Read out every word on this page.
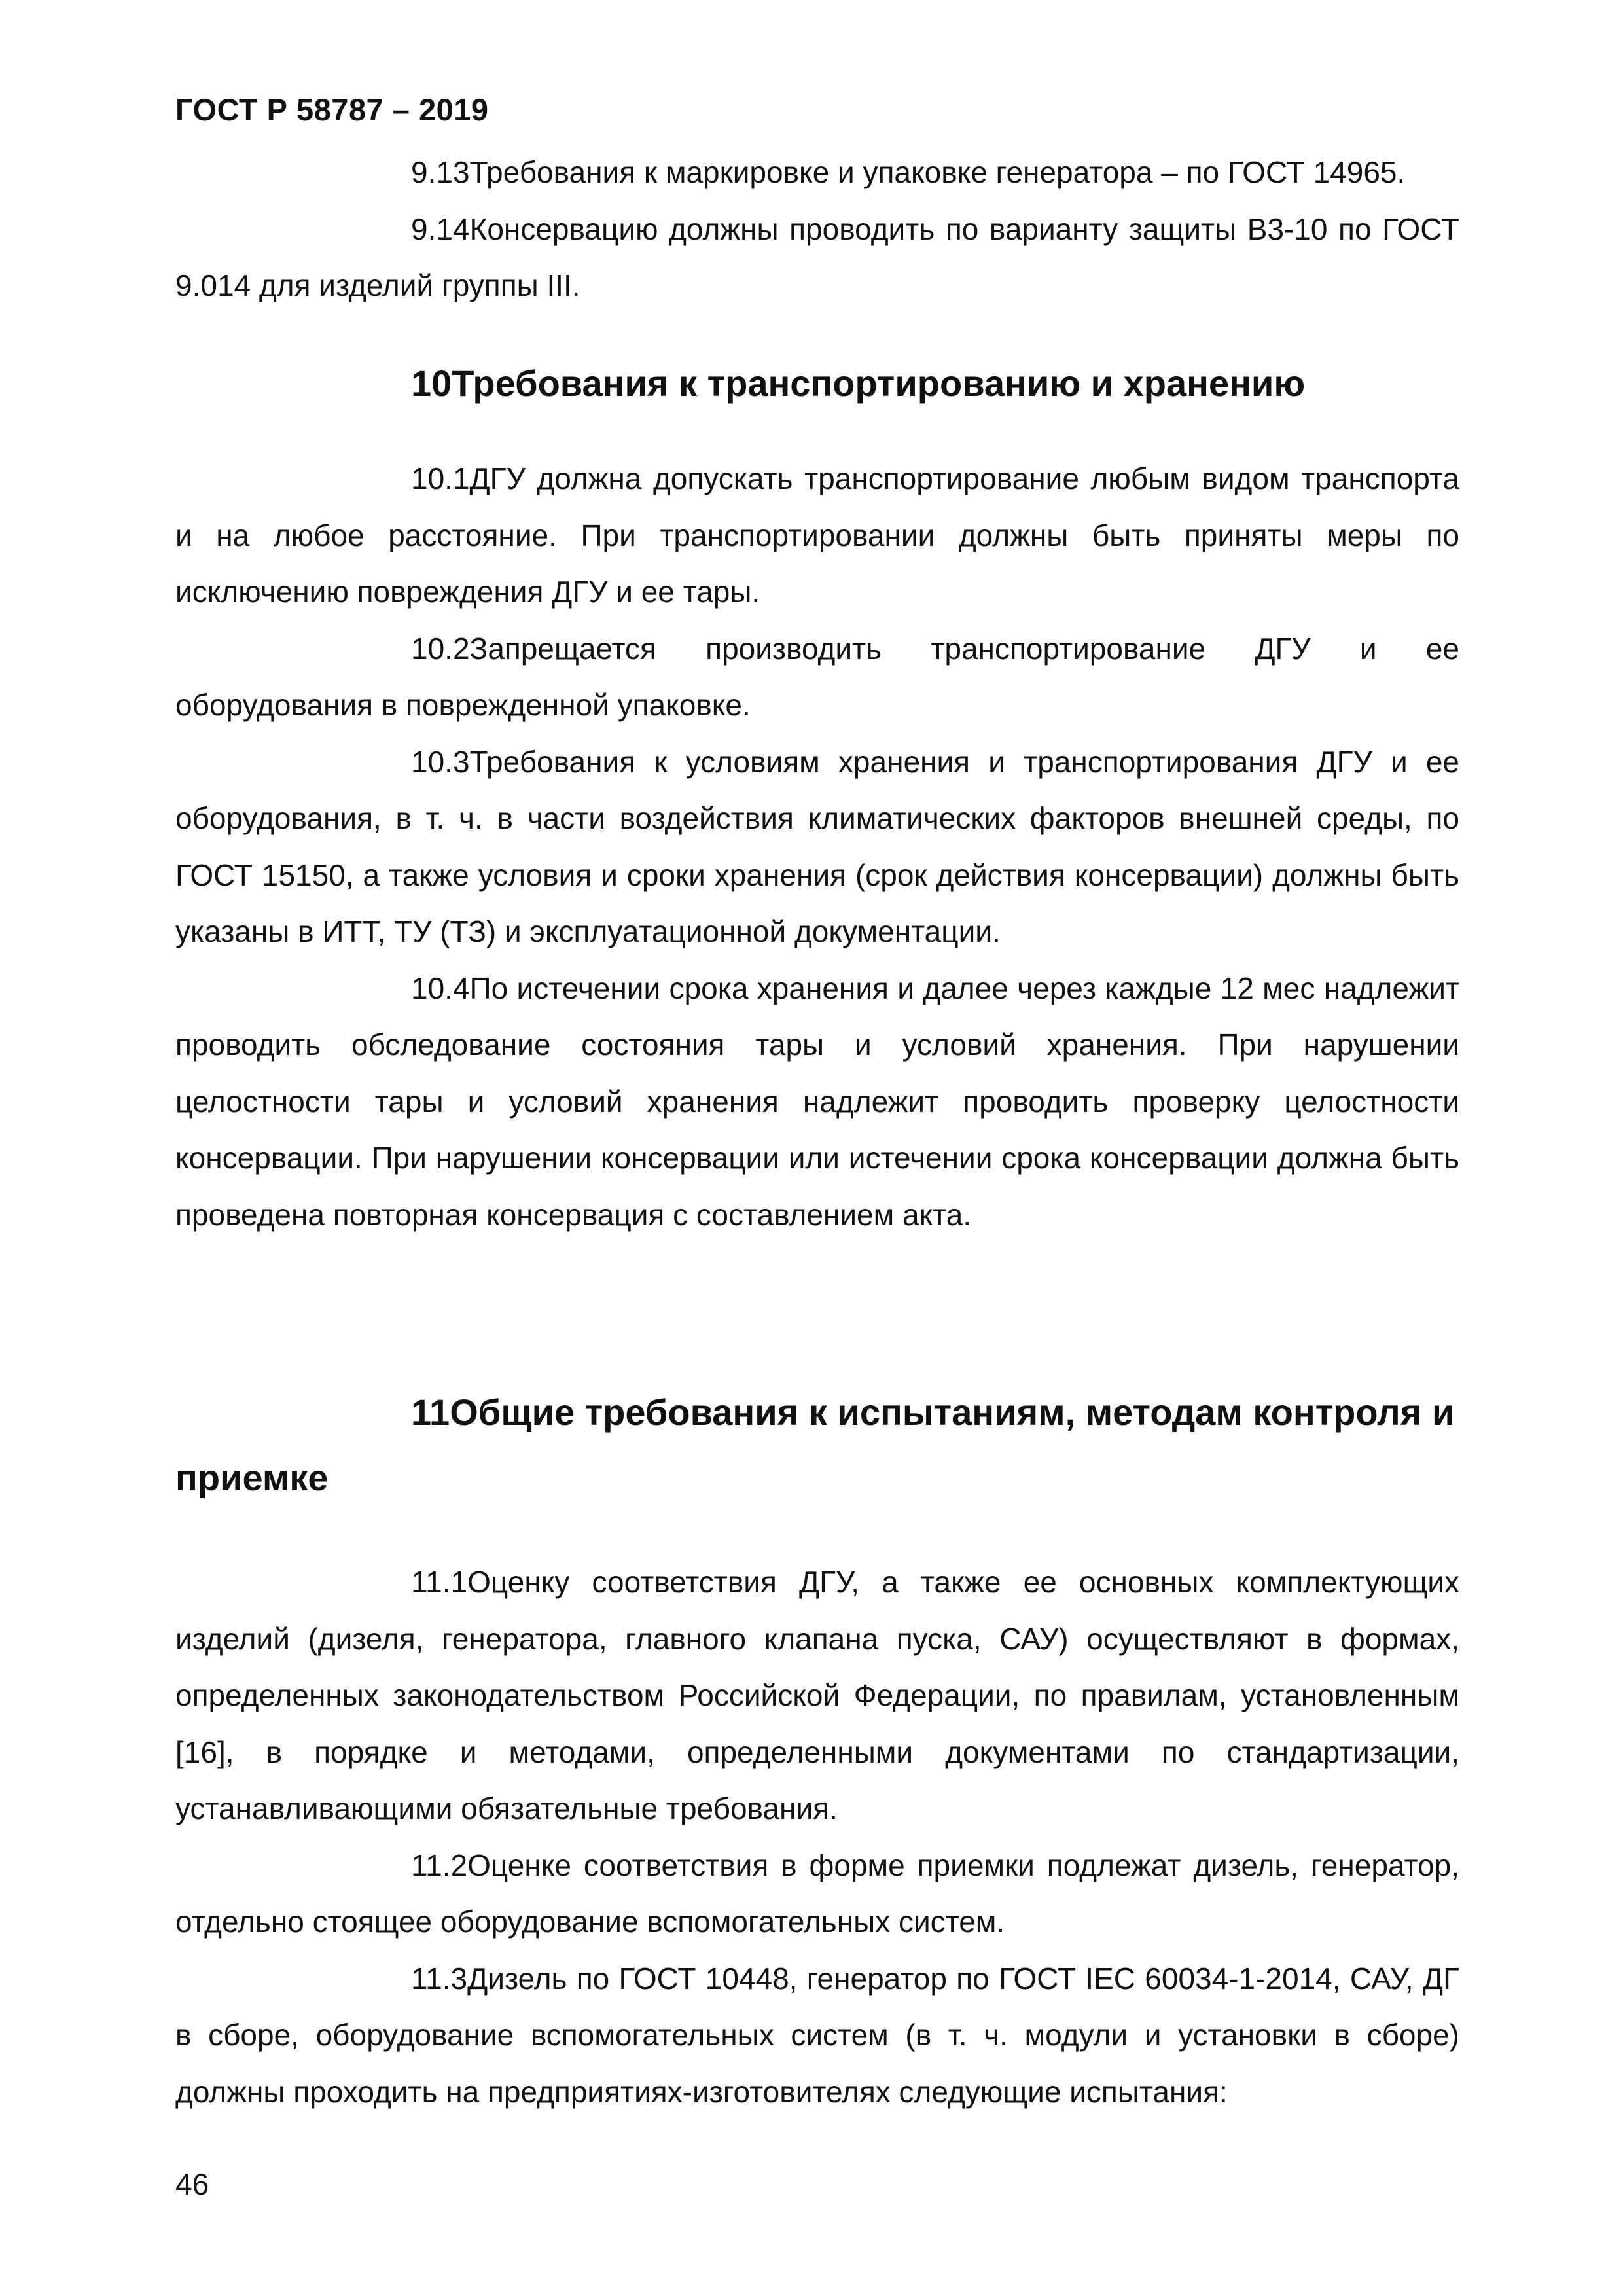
ГОСТ Р 58787 – 2019

9.13Требования к маркировке и упаковке генератора – по ГОСТ 14965.

9.14Консервацию должны проводить по варианту защиты В3-10 по ГОСТ 9.014 для изделий группы III.

10Требования к транспортированию и хранению

10.1ДГУ должна допускать транспортирование любым видом транспорта и на любое расстояние. При транспортировании должны быть приняты меры по исключению повреждения ДГУ и ее тары.

10.2Запрещается производить транспортирование ДГУ и ее оборудования в поврежденной упаковке.

10.3Требования к условиям хранения и транспортирования ДГУ и ее оборудования, в т. ч. в части воздействия климатических факторов внешней среды, по ГОСТ 15150, а также условия и сроки хранения (срок действия консервации) должны быть указаны в ИТТ, ТУ (ТЗ) и эксплуатационной документации.

10.4По истечении срока хранения и далее через каждые 12 мес надлежит проводить обследование состояния тары и условий хранения. При нарушении целостности тары и условий хранения надлежит проводить проверку целостности консервации. При нарушении консервации или истечении срока консервации должна быть проведена повторная консервация с составлением акта.

11Общие требования к испытаниям, методам контроля и приемке

11.1Оценку соответствия ДГУ, а также ее основных комплектующих изделий (дизеля, генератора, главного клапана пуска, САУ) осуществляют в формах, определенных законодательством Российской Федерации, по правилам, установленным [16], в порядке и методами, определенными документами по стандартизации, устанавливающими обязательные требования.

11.2Оценке соответствия в форме приемки подлежат дизель, генератор, отдельно стоящее оборудование вспомогательных систем.

11.3Дизель по ГОСТ 10448, генератор по ГОСТ IEC 60034-1-2014, САУ, ДГ в сборе, оборудование вспомогательных систем (в т. ч. модули и установки в сборе) должны проходить на предприятиях-изготовителях следующие испытания:

46
